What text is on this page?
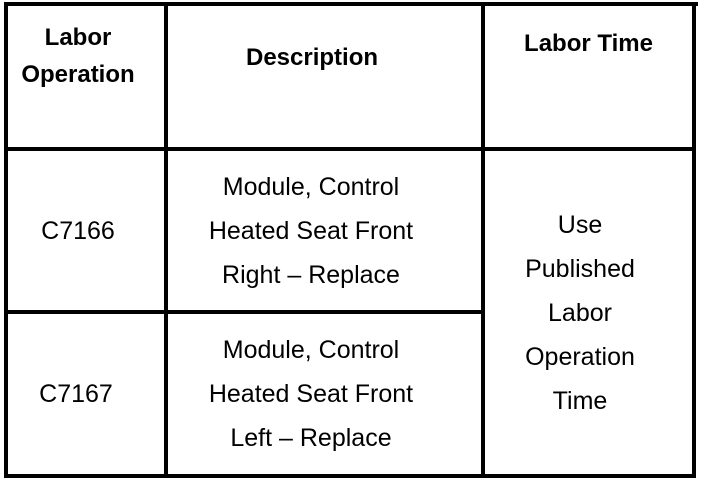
Labor
Operation
Description
Labor Time
C7166
Module, Control
Heated Seat Front
Right – Replace
C7167
Module, Control
Heated Seat Front
Left – Replace
Use
Published
Labor
Operation
Time
